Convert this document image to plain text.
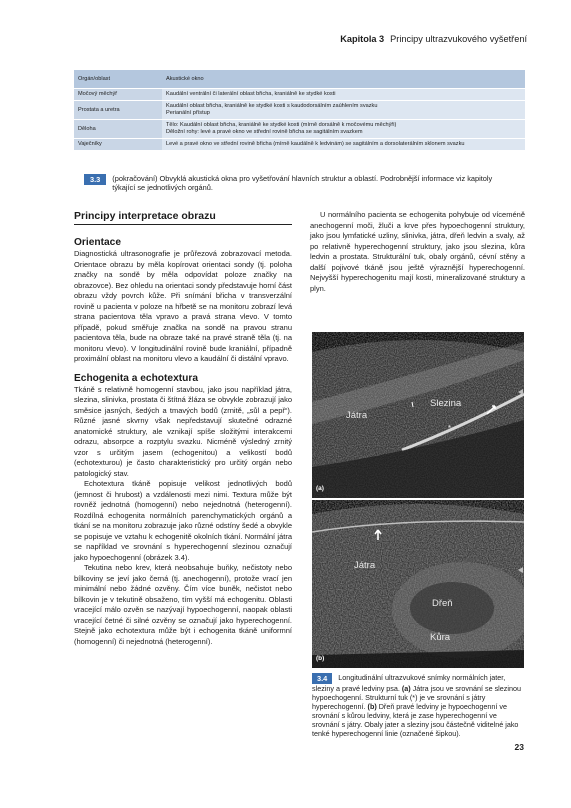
Kapitola 3 Principy ultrazvukového vyšetření
Orgán/oblast	Akustické okno
Močový měchýř	Kaudální ventrální či laterální oblast břicha, kraniálně ke stydké kosti
Prostata a uretra	Kaudální oblast břicha, kraniálně ke stydké kosti s kaudodorsálním zaúhlením svazku
Perianální přístup

Děloha	Tělo: Kaudální oblast břicha, kraniálně ke stydké kosti (mírně dorsálně k močovému měchýři)
Děložní rohy: levé a pravé okno ve střední rovině břicha se sagitálním svazkem

Vaječníky	Levé a pravé okno ve střední rovině břicha (mírně kaudálně k ledvinám) se sagitálním a dorsolaterálním sklonem svazku
3.3 (pokračování) Obvyklá akustická okna pro vyšetřování hlavních struktur a oblastí. Podrobnější informace viz kapitoly týkající se jednotlivých orgánů.
Principy interpretace obrazu
Orientace

Diagnostická ultrasonografie je průřezová zobrazovací metoda. Orientace obrazu by měla kopírovat orientaci sondy (tj. poloha značky na sondě by měla odpovídat poloze značky na obrazovce). Bez ohledu na orientaci sondy představuje horní část obrazu vždy povrch kůže. Při snímání břicha v transverzální rovině u pacienta v poloze na hřbetě se na monitoru zobrazí levá strana pacientova těla vpravo a pravá strana vlevo. V tomto případě, pokud směřuje značka na sondě na pravou stranu pacientova těla, bude na obraze také na pravé straně těla (tj. na monitoru vlevo). V longitudinální rovině bude kraniální, případně proximální oblast na monitoru vlevo a kaudální či distální vpravo.

Echogenita a echotextura

Tkáně s relativně homogenní stavbou, jako jsou například játra, slezina, slinivka, prostata či štítná žláza se obvykle zobrazují jako směsice jasných, šedých a tmavých bodů (zrnitě, „sůl a pepř“). Různé jasné skvrny však nepředstavují skutečné odrazné anatomické struktury, ale vznikají spíše složitými interakcemi odrazu, absorpce a rozptylu svazku. Nicméně výsledný zrnitý vzor s určitým jasem (echogenitou) a velikostí bodů (echotexturou) je často charakteristický pro určitý orgán nebo patologický stav.

Echotextura tkáně popisuje velikost jednotlivých bodů (jemnost či hrubost) a vzdálenosti mezi nimi. Textura může být rovněž jednotná (homogenní) nebo nejednotná (heterogenní). Rozdílná echogenita normálních parenchymatických orgánů a tkání se na monitoru zobrazuje jako různé odstíny šedé a obvykle se popisuje ve vztahu k echogenitě okolních tkání. Normální játra se například ve srovnání s hyperechogenní slezinou označují jako hypoechogenní (obrázek 3.4).

Tekutina nebo krev, která neobsahuje buňky, nečistoty nebo bílkoviny se jeví jako černá (tj. anechogenní), protože vrací jen minimální nebo žádné ozvěny. Čím více buněk, nečistot nebo bílkovin je v tekutině obsaženo, tím vyšší má echogenitu. Oblasti vracející málo ozvěn se nazývají hypoechogenní, naopak oblasti vracející četné či silné ozvěny se označují jako hyperechogenní. Stejně jako echotextura může být i echogenita tkáně uniformní (homogenní) či nejednotná (heterogenní).

U normálního pacienta se echogenita pohybuje od víceméně anechogenní moči, žluči a krve přes hypoechogenní struktury, jako jsou lymfatické uzliny, slinivka, játra, dřeň ledvin a svaly, až po relativně hyperechogenní struktury, jako jsou slezina, kůra ledvin a prostata. Strukturální tuk, obaly orgánů, cévní stěny a další pojivové tkáně jsou ještě výraznější hyperechogenní. Nejvyšší hyperechogenitu mají kosti, mineralizované struktury a plyn.

Játra
Slezina
*
(a)
Játra
Dřeň
Kůra
(b)
3.4 Longitudinální ultrazvukové snímky normálních jater, sleziny a pravé ledviny psa. (a) Játra jsou ve srovnání se slezinou hypoechogenní. Strukturní tuk (*) je ve srovnání s játry hyperechogenní. (b) Dřeň pravé ledviny je hypoechogenní ve srovnání s kůrou ledviny, která je zase hyperechogenní ve srovnání s játry. Obaly jater a sleziny jsou částečně viditelné jako tenké hyperechogenní linie (označené šipkou).
23
